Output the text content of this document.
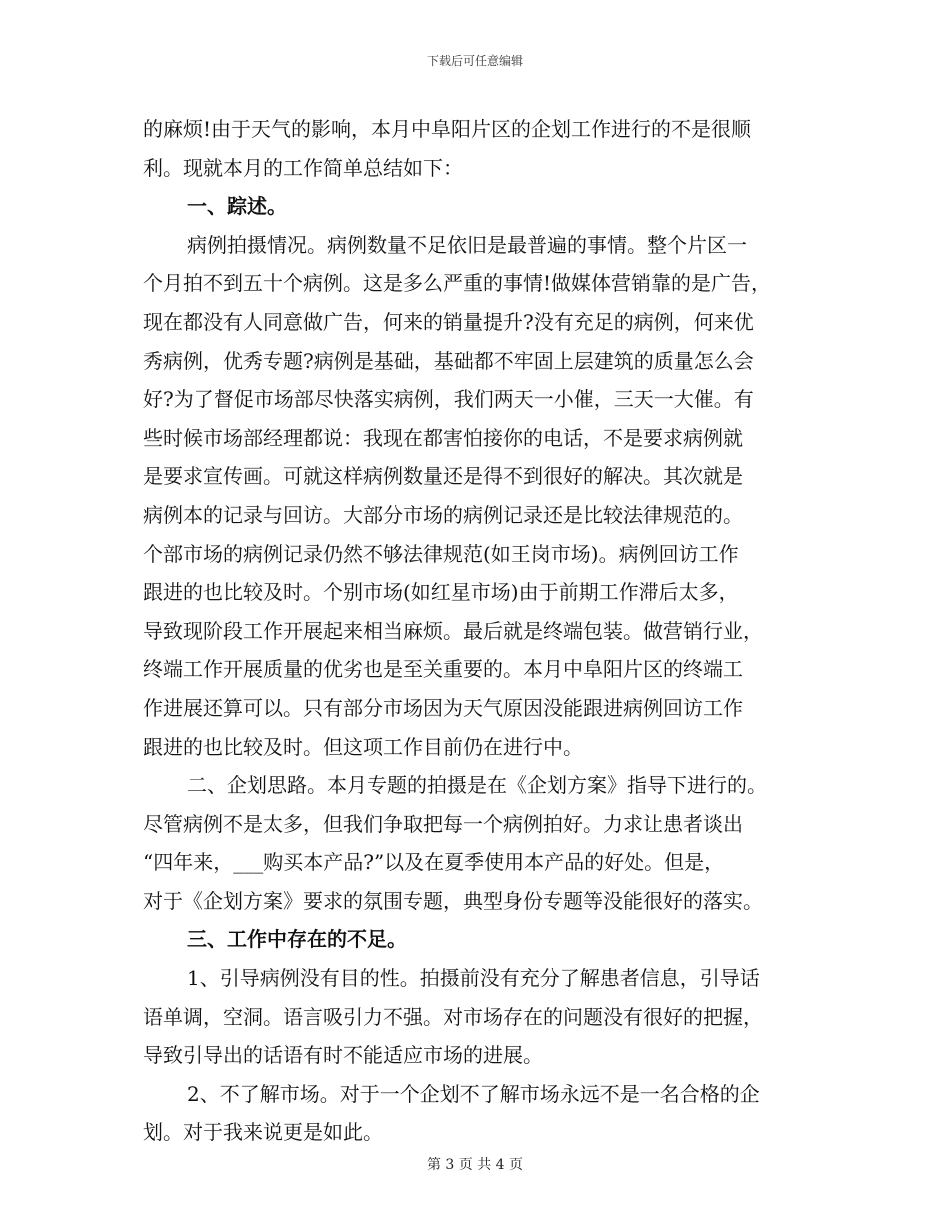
下载后可任意编辑
的麻烦!由于天气的影响，本月中阜阳片区的企划工作进行的不是很顺
利。现就本月的工作简单总结如下：
一、踪述。
病例拍摄情况。病例数量不足依旧是最普遍的事情。整个片区一
个月拍不到五十个病例。这是多么严重的事情!做媒体营销靠的是广告，
现在都没有人同意做广告，何来的销量提升?没有充足的病例，何来优
秀病例，优秀专题?病例是基础，基础都不牢固上层建筑的质量怎么会
好?为了督促市场部尽快落实病例，我们两天一小催，三天一大催。有
些时候市场部经理都说：我现在都害怕接你的电话，不是要求病例就
是要求宣传画。可就这样病例数量还是得不到很好的解决。其次就是
病例本的记录与回访。大部分市场的病例记录还是比较法律规范的。
个部市场的病例记录仍然不够法律规范(如王岗市场)。病例回访工作
跟进的也比较及时。个别市场(如红星市场)由于前期工作滞后太多，
导致现阶段工作开展起来相当麻烦。最后就是终端包装。做营销行业，
终端工作开展质量的优劣也是至关重要的。本月中阜阳片区的终端工
作进展还算可以。只有部分市场因为天气原因没能跟进病例回访工作
跟进的也比较及时。但这项工作目前仍在进行中。
二、企划思路。本月专题的拍摄是在《企划方案》指导下进行的。
尽管病例不是太多，但我们争取把每一个病例拍好。力求让患者谈出
“四年来，___购买本产品?”以及在夏季使用本产品的好处。但是，
对于《企划方案》要求的氛围专题，典型身份专题等没能很好的落实。
三、工作中存在的不足。
1、引导病例没有目的性。拍摄前没有充分了解患者信息，引导话
语单调，空洞。语言吸引力不强。对市场存在的问题没有很好的把握，
导致引导出的话语有时不能适应市场的进展。
2、不了解市场。对于一个企划不了解市场永远不是一名合格的企
划。对于我来说更是如此。
第 3 页 共 4 页
